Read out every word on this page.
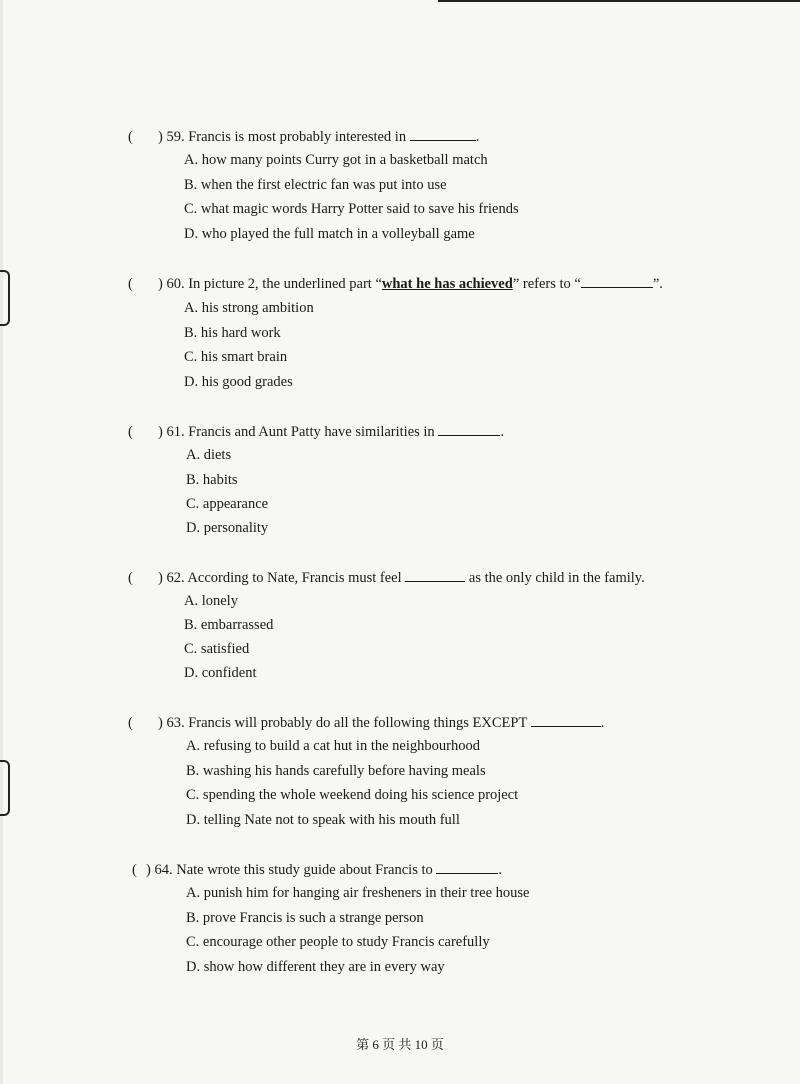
() 59. Francis is most probably interested in	.
A. how many points Curry got in a basketball match
B. when the first electric fan was put into use
C. what magic words Harry Potter said to save his friends
D. who played the full match in a volleyball game
() 60. In picture 2, the underlined part “what he has achieved” refers to “	”.
A. his strong ambition
B. his hard work
C. his smart brain
D. his good grades
() 61. Francis and Aunt Patty have similarities in	.
A. diets
B. habits
C. appearance
D. personality
() 62. According to Nate, Francis must feel	as the only child in the family.
A. lonely
B. embarrassed
C. satisfied
D. confident
() 63. Francis will probably do all the following things EXCEPT	.
A. refusing to build a cat hut in the neighbourhood
B. washing his hands carefully before having meals
C. spending the whole weekend doing his science project
D. telling Nate not to speak with his mouth full
() 64. Nate wrote this study guide about Francis to	.
A. punish him for hanging air fresheners in their tree house
B. prove Francis is such a strange person
C. encourage other people to study Francis carefully
D. show how different they are in every way
第 6 页 共 10 页
